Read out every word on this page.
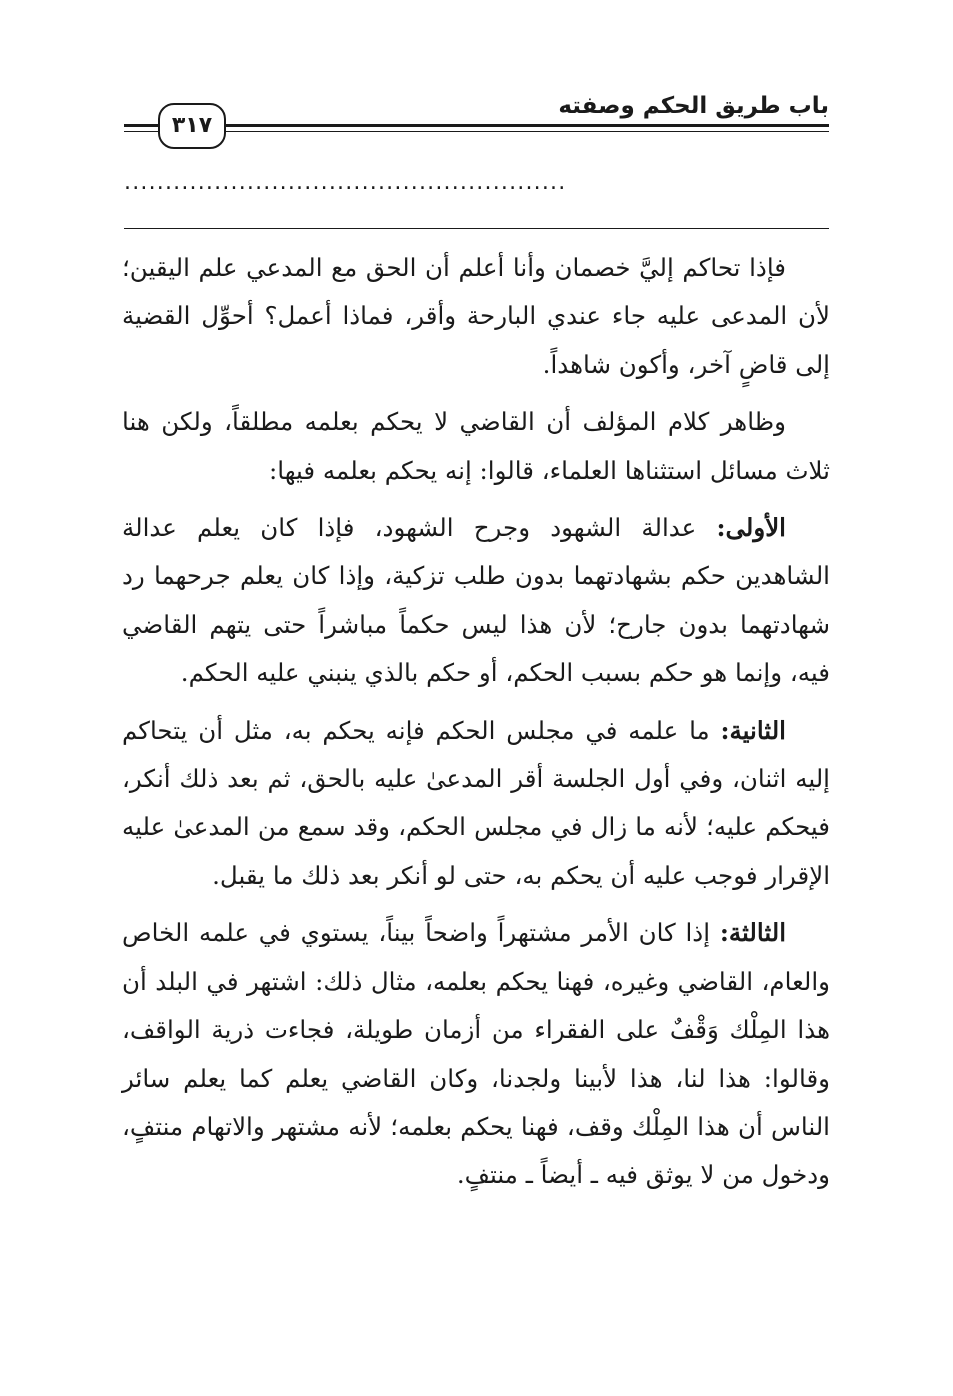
باب طريق الحكم وصفته
٣١٧
......................................................

فإذا تحاكم إليَّ خصمان وأنا أعلم أن الحق مع المدعي علم اليقين؛ لأن المدعى عليه جاء عندي البارحة وأقر، فماذا أعمل؟ أحوِّل القضية إلى قاضٍ آخر، وأكون شاهداً.

وظاهر كلام المؤلف أن القاضي لا يحكم بعلمه مطلقاً، ولكن هنا ثلاث مسائل استثناها العلماء، قالوا: إنه يحكم بعلمه فيها:

الأولى: عدالة الشهود وجرح الشهود، فإذا كان يعلم عدالة الشاهدين حكم بشهادتهما بدون طلب تزكية، وإذا كان يعلم جرحهما رد شهادتهما بدون جارح؛ لأن هذا ليس حكماً مباشراً حتى يتهم القاضي فيه، وإنما هو حكم بسبب الحكم، أو حكم بالذي ينبني عليه الحكم.

الثانية: ما علمه في مجلس الحكم فإنه يحكم به، مثل أن يتحاكم إليه اثنان، وفي أول الجلسة أقر المدعىٰ عليه بالحق، ثم بعد ذلك أنكر، فيحكم عليه؛ لأنه ما زال في مجلس الحكم، وقد سمع من المدعىٰ عليه الإقرار فوجب عليه أن يحكم به، حتى لو أنكر بعد ذلك ما يقبل.

الثالثة: إذا كان الأمر مشتهراً واضحاً بيناً، يستوي في علمه الخاص والعام، القاضي وغيره، فهنا يحكم بعلمه، مثال ذلك: اشتهر في البلد أن هذا المِلْك وَقْفٌ على الفقراء من أزمان طويلة، فجاءت ذرية الواقف، وقالوا: هذا لنا، هذا لأبينا ولجدنا، وكان القاضي يعلم كما يعلم سائر الناس أن هذا المِلْك وقف، فهنا يحكم بعلمه؛ لأنه مشتهر والاتهام منتفٍ، ودخول من لا يوثق فيه ـ أيضاً ـ منتفٍ.
